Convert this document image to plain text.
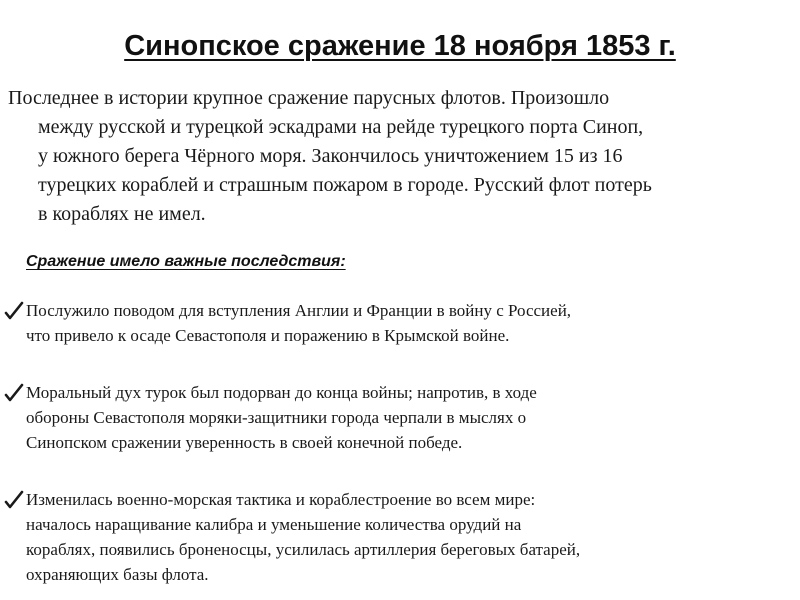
Синопское сражение 18 ноября 1853 г.
Последнее в истории крупное сражение парусных флотов. Произошло
между русской и турецкой эскадрами на рейде турецкого порта Синоп,
у южного берега Чёрного моря. Закончилось уничтожением 15 из 16
турецких кораблей и страшным пожаром в городе. Русский флот потерь
в кораблях не имел.
Сражение имело важные последствия:
Послужило поводом для вступления Англии и Франции в войну с Россией,
что привело к осаде Севастополя и поражению в Крымской войне.
Моральный дух турок был подорван до конца войны; напротив, в ходе
обороны Севастополя моряки-защитники города черпали в мыслях о
Синопском сражении уверенность в своей конечной победе.
Изменилась военно-морская тактика и кораблестроение во всем мире:
началось наращивание калибра и уменьшение количества орудий на
кораблях, появились броненосцы, усилилась артиллерия береговых батарей,
охраняющих базы флота.
